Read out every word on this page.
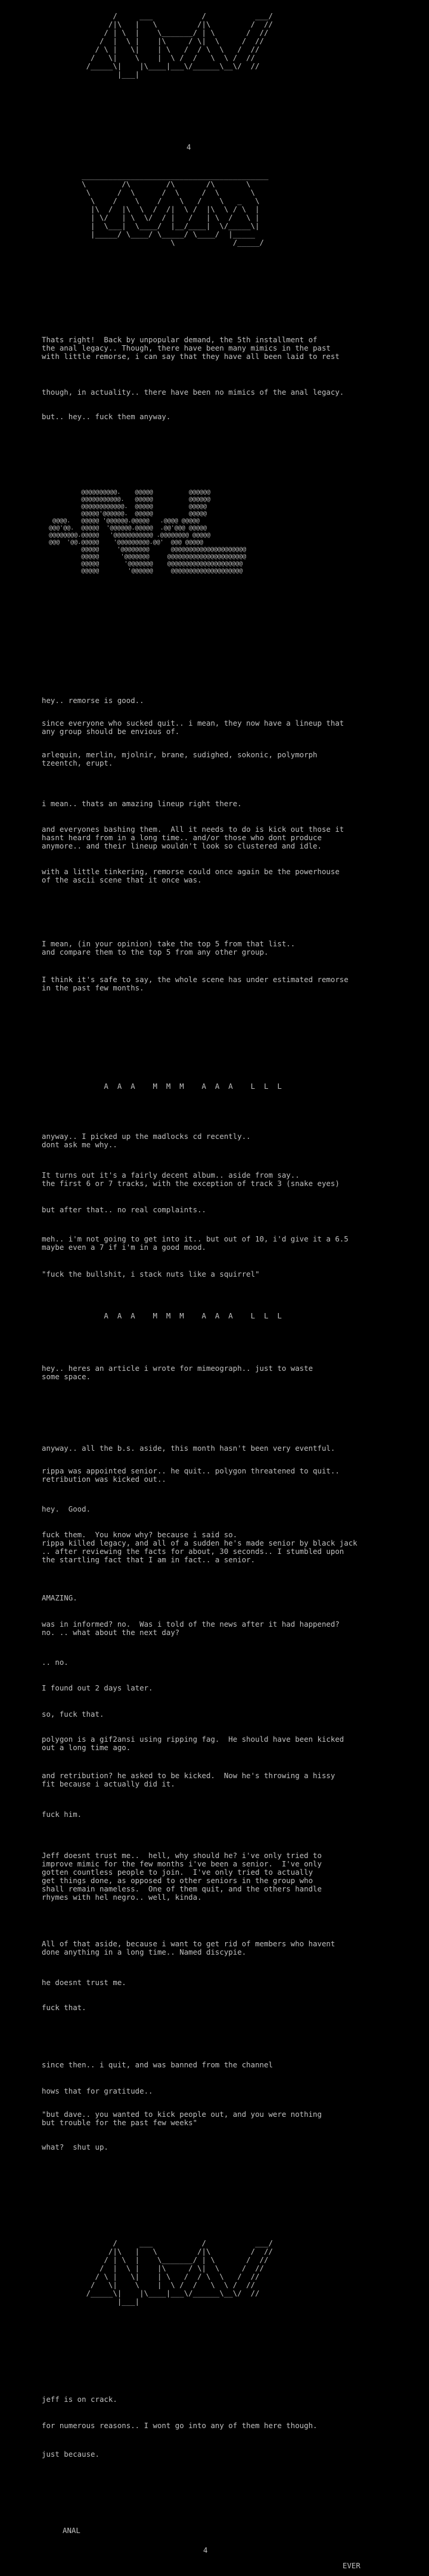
/     ___           /           ___/
/|\   |   \         /|\         /  //
/ | \  |    \_______/ | \       /  //
/  |  \ |    |\     / \|  \     /  //
/ \ |   \|    | \   /  / \  \   /  //
/   \|    \    |  \ /  /   \  \ /  //
/_____\|    |\____|___\/______\__\/  //
|___|
4
__________________________________________
\        /\        /\       /\       \
\      /  \      /  \     /  \       \
\    /    \    /    \   /    \   _   \
|\  /  |\  \  /  /|  \ /  |\  \ / \  |
| \/   | \  \/  / |   /   | \  /   \ |
|  \___|  \____/  |__/____|  \/_____\|
|_____/ \____/ \_____/ \____/  |_____
\             /_____/
Thats right!  Back by unpopular demand, the 5th installment of
the anal legacy.. Though, there have been many mimics in the past
with little remorse, i can say that they have all been laid to rest
though, in actuality.. there have been no mimics of the anal legacy.
but.. hey.. fuck them anyway.
@@@@@@@@@@.    @@@@@          @@@@@@
@@@@@@@@@@@.   @@@@@          @@@@@@
@@@@@@@@@@@@.  @@@@@          @@@@@
@@@@@'@@@@@@.  @@@@@          @@@@@
@@@@.   @@@@@ '@@@@@@.@@@@@   .@@@@ @@@@@
@@@'@@.  @@@@@  '@@@@@@.@@@@@  .@@'@@@ @@@@@
@@@@@@@@.@@@@@   '@@@@@@@@@@@ .@@@@@@@@ @@@@@
@@@  '@@.@@@@@    '@@@@@@@@@.@@'  @@@ @@@@@
@@@@@     '@@@@@@@@      @@@@@@@@@@@@@@@@@@@@@
@@@@@      '@@@@@@@     @@@@@@@@@@@@@@@@@@@@@@
@@@@@       '@@@@@@@    @@@@@@@@@@@@@@@@@@@@@
@@@@@        '@@@@@@     @@@@@@@@@@@@@@@@@@@@
hey.. remorse is good..
since everyone who sucked quit.. i mean, they now have a lineup that
any group should be envious of.
arlequin, merlin, mjolnir, brane, sudighed, sokonic, polymorph
tzeentch, erupt.
i mean.. thats an amazing lineup right there.
and everyones bashing them.  All it needs to do is kick out those it
hasnt heard from in a long time.. and/or those who dont produce
anymore.. and their lineup wouldn't look so clustered and idle.
with a little tinkering, remorse could once again be the powerhouse
of the ascii scene that it once was.
I mean, (in your opinion) take the top 5 from that list..
and compare them to the top 5 from any other group.
I think it's safe to say, the whole scene has under estimated remorse
in the past few months.
A  A  A    M  M  M    A  A  A    L  L  L
anyway.. I picked up the madlocks cd recently..
dont ask me why..
It turns out it's a fairly decent album.. aside from say..
the first 6 or 7 tracks, with the exception of track 3 (snake eyes)
but after that.. no real complaints..
meh.. i'm not going to get into it.. but out of 10, i'd give it a 6.5
maybe even a 7 if i'm in a good mood.
"fuck the bullshit, i stack nuts like a squirrel"
A  A  A    M  M  M    A  A  A    L  L  L
hey.. heres an article i wrote for mimeograph.. just to waste
some space.
anyway.. all the b.s. aside, this month hasn't been very eventful.
rippa was appointed senior.. he quit.. polygon threatened to quit..
retribution was kicked out..
hey.  Good.
fuck them.  You know why? because i said so.
rippa killed legacy, and all of a sudden he's made senior by black jack
.. after reviewing the facts for about, 30 seconds.. I stumbled upon
the startling fact that I am in fact.. a senior.
AMAZING.
was in informed? no.  Was i told of the news after it had happened?
no. .. what about the next day?
.. no.
I found out 2 days later.
so, fuck that.
polygon is a gif2ansi using ripping fag.  He should have been kicked
out a long time ago.
and retribution? he asked to be kicked.  Now he's throwing a hissy
fit because i actually did it.
fuck him.
Jeff doesnt trust me..  hell, why should he? i've only tried to
improve mimic for the few months i've been a senior.  I've only
gotten countless people to join.  I've only tried to actually
get things done, as opposed to other seniors in the group who
shall remain nameless.  One of them quit, and the others handle
rhymes with hel negro.. well, kinda.
All of that aside, because i want to get rid of members who havent
done anything in a long time.. Named discypie.
he doesnt trust me.
fuck that.
since then.. i quit, and was banned from the channel
hows that for gratitude..
"but dave.. you wanted to kick people out, and you were nothing
but trouble for the past few weeks"
what?  shut up.
/     ___           /           ___/
/|\   |   \         /|\         /  //
/ | \  |    \_______/ | \       /  //
/  |  \ |    |\     / \|  \     /  //
/ \ |   \|    | \   /  / \  \   /  //
/   \|    \    |  \ /  /   \  \ /  //
/_____\|    |\____|___\/______\__\/  //
|___|
jeff is on crack.
for numerous reasons.. I wont go into any of them here though.
just because.
ANAL
4
EVER
